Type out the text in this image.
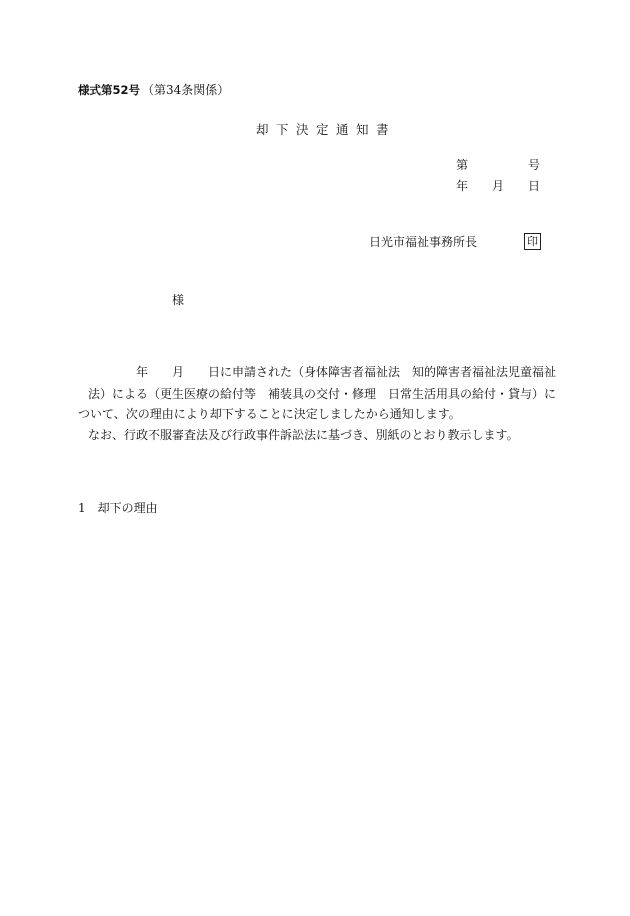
様式第52号 （第34条関係）
却下決定通知書
第	号
年 月 日
日光市福祉事務所長	印
様
年 月 日に申請された（身体障害者福祉法　知的障害者福祉法児童福祉
法）による（更生医療の給付等　補装具の交付・修理　日常生活用具の給付・貸与）に
ついて、次の理由により却下することに決定しましたから通知します。
なお、行政不服審査法及び行政事件訴訟法に基づき、別紙のとおり教示します。
1　却下の理由
